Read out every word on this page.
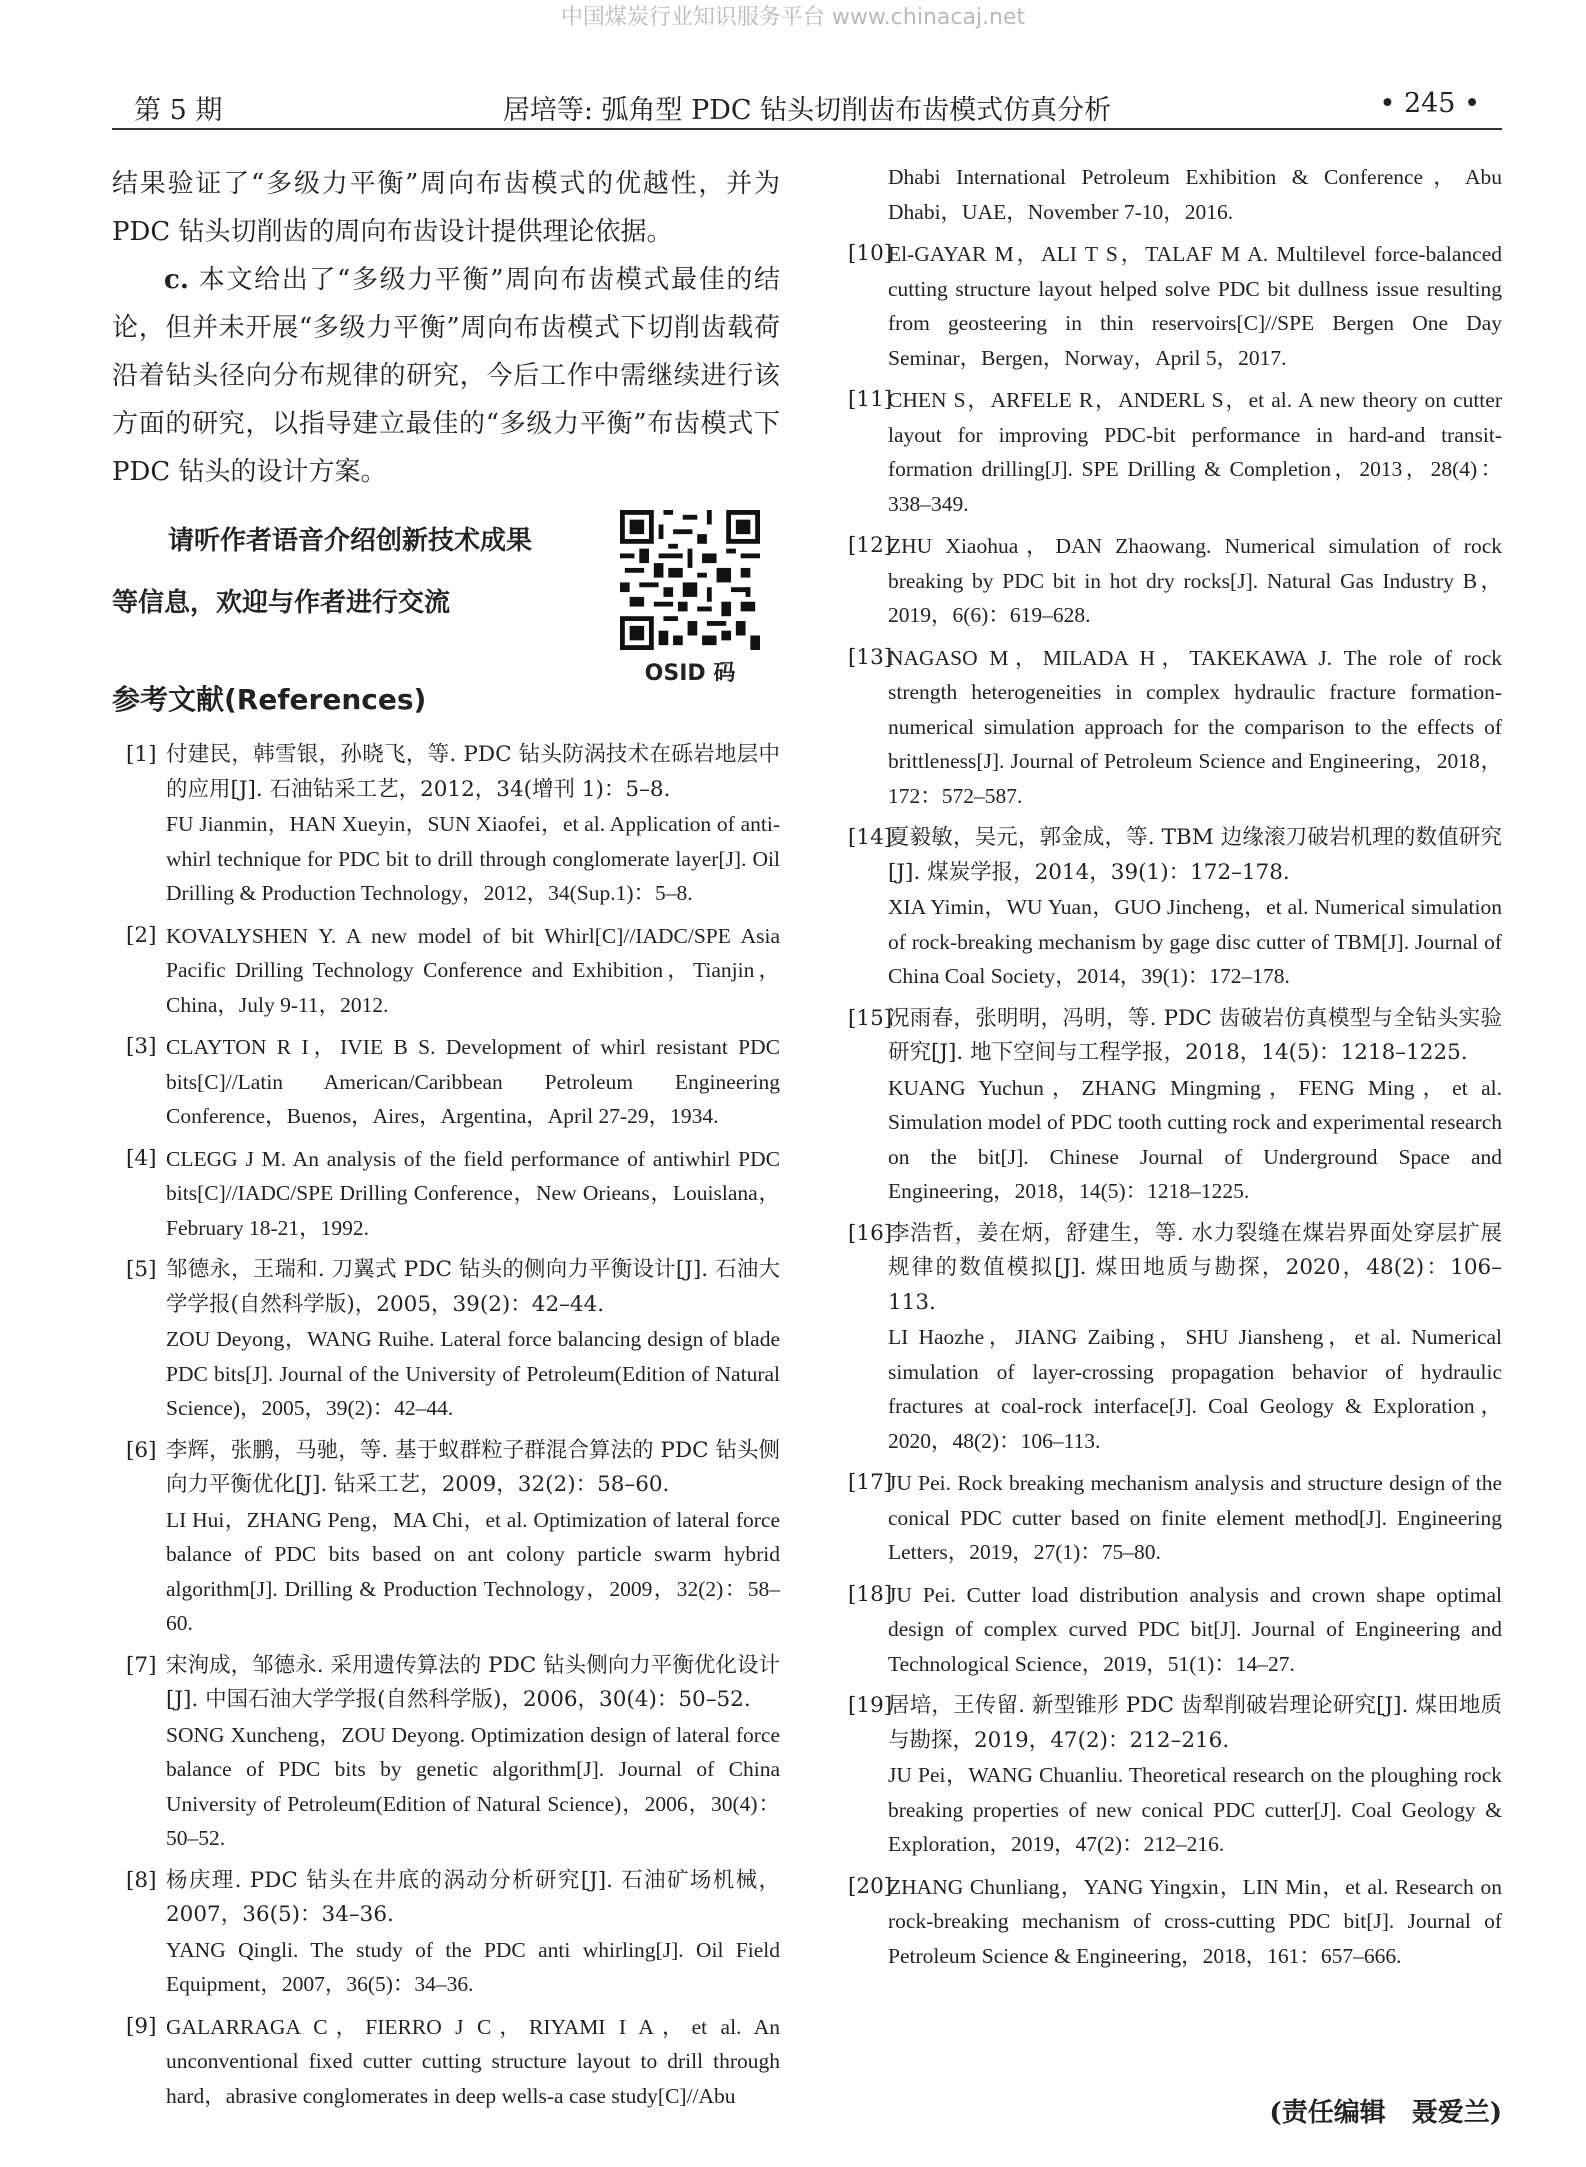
中国煤炭行业知识服务平台 www.chinacaj.net
第 5 期	居培等: 弧角型 PDC 钻头切削齿布齿模式仿真分析	• 245 •

结果验证了“多级力平衡”周向布齿模式的优越性，并为PDC 钻头切削齿的周向布齿设计提供理论依据。

c. 本文给出了“多级力平衡”周向布齿模式最佳的结论，但并未开展“多级力平衡”周向布齿模式下切削齿载荷沿着钻头径向分布规律的研究，今后工作中需继续进行该方面的研究，以指导建立最佳的“多级力平衡”布齿模式下 PDC 钻头的设计方案。

请听作者语音介绍创新技术成果
等信息，欢迎与作者进行交流
OSID 码
参考文献(References)
[1] 付建民，韩雪银，孙晓飞，等. PDC 钻头防涡技术在砾岩地层中的应用[J]. 石油钻采工艺，2012，34(增刊 1)：5–8.
FU Jianmin，HAN Xueyin，SUN Xiaofei，et al. Application of anti-whirl technique for PDC bit to drill through conglomerate layer[J]. Oil Drilling & Production Technology，2012，34(Sup.1)：5–8.
[2] KOVALYSHEN Y. A new model of bit Whirl[C]//IADC/SPE Asia Pacific Drilling Technology Conference and Exhibition，Tianjin，China，July 9-11，2012.
[3] CLAYTON R I，IVIE B S. Development of whirl resistant PDC bits[C]//Latin American/Caribbean Petroleum Engineering Conference，Buenos，Aires，Argentina，April 27-29，1934.
[4] CLEGG J M. An analysis of the field performance of antiwhirl PDC bits[C]//IADC/SPE Drilling Conference，New Orieans，Louislana，February 18-21，1992.
[5] 邹德永，王瑞和. 刀翼式 PDC 钻头的侧向力平衡设计[J]. 石油大学学报(自然科学版)，2005，39(2)：42–44.
ZOU Deyong，WANG Ruihe. Lateral force balancing design of blade PDC bits[J]. Journal of the University of Petroleum(Edition of Natural Science)，2005，39(2)：42–44.
[6] 李辉，张鹏，马驰，等. 基于蚁群粒子群混合算法的 PDC 钻头侧向力平衡优化[J]. 钻采工艺，2009，32(2)：58–60.
LI Hui，ZHANG Peng，MA Chi，et al. Optimization of lateral force balance of PDC bits based on ant colony particle swarm hybrid algorithm[J]. Drilling & Production Technology，2009，32(2)：58–60.
[7] 宋洵成，邹德永. 采用遗传算法的 PDC 钻头侧向力平衡优化设计[J]. 中国石油大学学报(自然科学版)，2006，30(4)：50–52.
SONG Xuncheng，ZOU Deyong. Optimization design of lateral force balance of PDC bits by genetic algorithm[J]. Journal of China University of Petroleum(Edition of Natural Science)，2006，30(4)：50–52.
[8] 杨庆理. PDC 钻头在井底的涡动分析研究[J]. 石油矿场机械，2007，36(5)：34–36.
YANG Qingli. The study of the PDC anti whirling[J]. Oil Field Equipment，2007，36(5)：34–36.
[9] GALARRAGA C，FIERRO J C，RIYAMI I A，et al. An unconventional fixed cutter cutting structure layout to drill through hard，abrasive conglomerates in deep wells-a case study[C]//Abu
Dhabi International Petroleum Exhibition & Conference，Abu Dhabi，UAE，November 7-10，2016.
[10]
El-GAYAR M，ALI T S，TALAF M A. Multilevel force-balanced cutting structure layout helped solve PDC bit dullness issue resulting from geosteering in thin reservoirs[C]//SPE Bergen One Day Seminar，Bergen，Norway，April 5，2017.
[11]
CHEN S，ARFELE R，ANDERL S，et al. A new theory on cutter layout for improving PDC-bit performance in hard-and transit-formation drilling[J]. SPE Drilling & Completion，2013，28(4)：338–349.
[12]
ZHU Xiaohua，DAN Zhaowang. Numerical simulation of rock breaking by PDC bit in hot dry rocks[J]. Natural Gas Industry B，2019，6(6)：619–628.
[13]
NAGASO M，MILADA H，TAKEKAWA J. The role of rock strength heterogeneities in complex hydraulic fracture formation-numerical simulation approach for the comparison to the effects of brittleness[J]. Journal of Petroleum Science and Engineering，2018，172：572–587.
[14]
夏毅敏，吴元，郭金成，等. TBM 边缘滚刀破岩机理的数值研究[J]. 煤炭学报，2014，39(1)：172–178.
XIA Yimin，WU Yuan，GUO Jincheng，et al. Numerical simulation of rock-breaking mechanism by gage disc cutter of TBM[J]. Journal of China Coal Society，2014，39(1)：172–178.
[15]
况雨春，张明明，冯明，等. PDC 齿破岩仿真模型与全钻头实验研究[J]. 地下空间与工程学报，2018，14(5)：1218–1225.
KUANG Yuchun，ZHANG Mingming，FENG Ming，et al. Simulation model of PDC tooth cutting rock and experimental research on the bit[J]. Chinese Journal of Underground Space and Engineering，2018，14(5)：1218–1225.
[16]
李浩哲，姜在炳，舒建生，等. 水力裂缝在煤岩界面处穿层扩展规律的数值模拟[J]. 煤田地质与勘探，2020，48(2)：106–113.
LI Haozhe，JIANG Zaibing，SHU Jiansheng，et al. Numerical simulation of layer-crossing propagation behavior of hydraulic fractures at coal-rock interface[J]. Coal Geology & Exploration，2020，48(2)：106–113.
[17]
JU Pei. Rock breaking mechanism analysis and structure design of the conical PDC cutter based on finite element method[J]. Engineering Letters，2019，27(1)：75–80.
[18]
JU Pei. Cutter load distribution analysis and crown shape optimal design of complex curved PDC bit[J]. Journal of Engineering and Technological Science，2019，51(1)：14–27.
[19]
居培，王传留. 新型锥形 PDC 齿犁削破岩理论研究[J]. 煤田地质与勘探，2019，47(2)：212–216.
JU Pei，WANG Chuanliu. Theoretical research on the ploughing rock breaking properties of new conical PDC cutter[J]. Coal Geology & Exploration，2019，47(2)：212–216.
[20]
ZHANG Chunliang，YANG Yingxin，LIN Min，et al. Research on rock-breaking mechanism of cross-cutting PDC bit[J]. Journal of Petroleum Science & Engineering，2018，161：657–666.
(责任编辑　聂爱兰)
